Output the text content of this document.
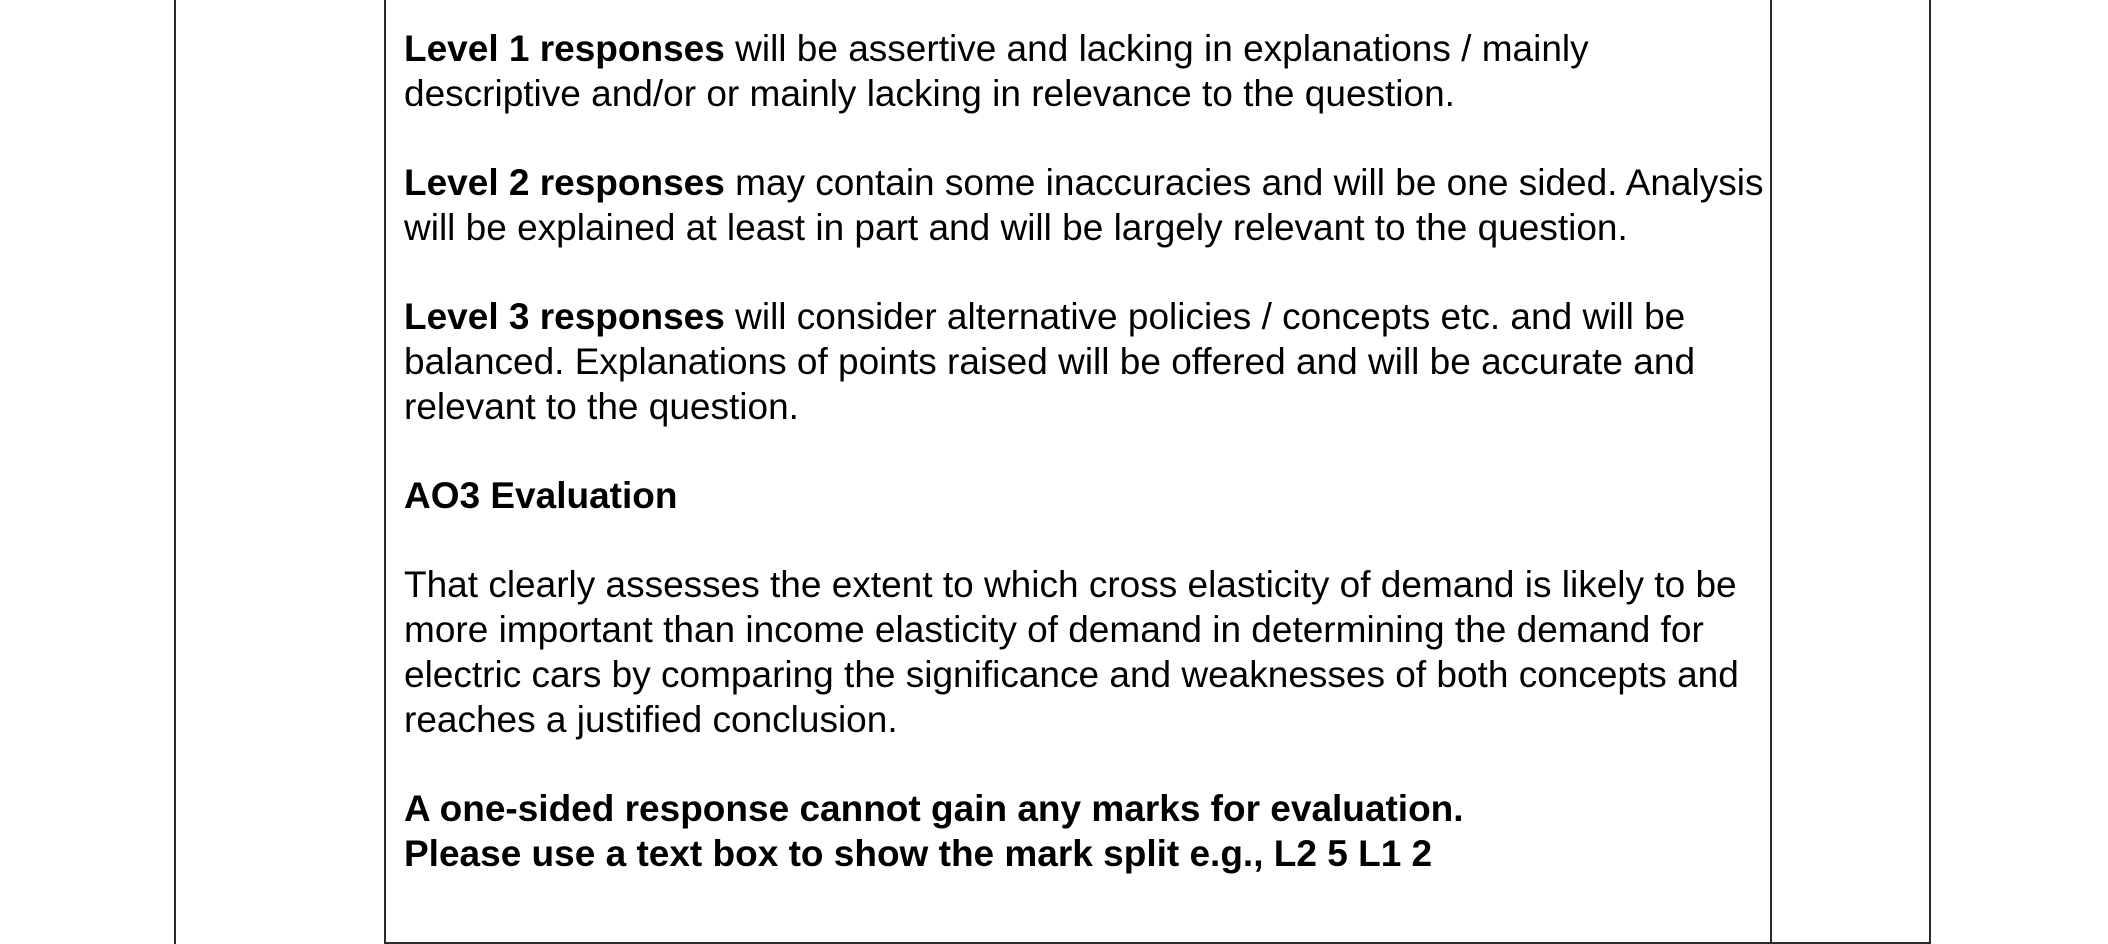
Level 1 responses will be assertive and lacking in explanations / mainly descriptive and/or or mainly lacking in relevance to the question.

Level 2 responses may contain some inaccuracies and will be one sided. Analysis will be explained at least in part and will be largely relevant to the question.

Level 3 responses will consider alternative policies / concepts etc. and will be balanced. Explanations of points raised will be offered and will be accurate and relevant to the question.

AO3 Evaluation

That clearly assesses the extent to which cross elasticity of demand is likely to be more important than income elasticity of demand in determining the demand for electric cars by comparing the significance and weaknesses of both concepts and reaches a justified conclusion.

A one-sided response cannot gain any marks for evaluation.
Please use a text box to show the mark split e.g., L2 5 L1 2
